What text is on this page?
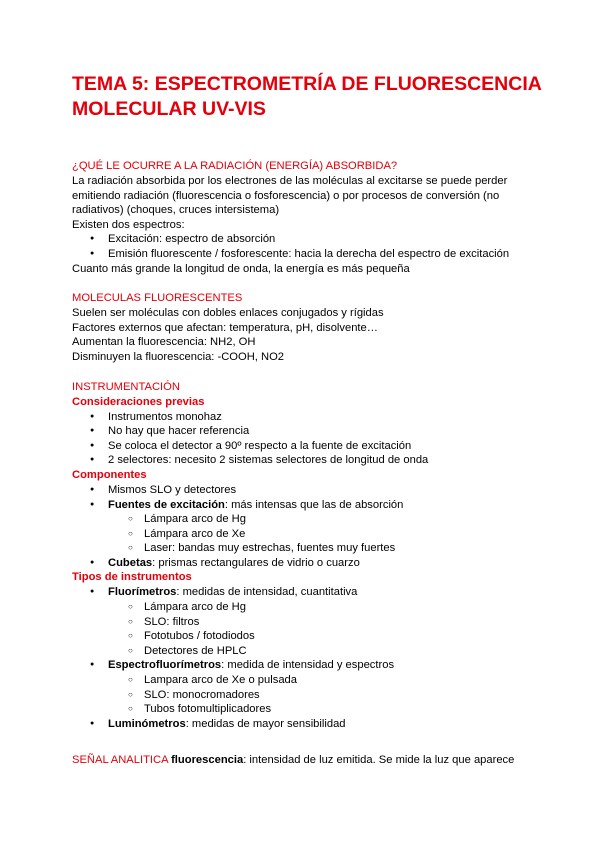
TEMA 5: ESPECTROMETRÍA DE FLUORESCENCIA MOLECULAR UV-VIS
¿QUÉ LE OCURRE A LA RADIACIÓN (ENERGÍA) ABSORBIDA?

La radiación absorbida por los electrones de las moléculas al excitarse se puede perder emitiendo radiación (fluorescencia o fosforescencia) o por procesos de conversión (no radiativos) (choques, cruces intersistema)

Existen dos espectros:

● Excitación: espectro de absorción
● Emisión fluorescente / fosforescente: hacia la derecha del espectro de excitación

Cuanto más grande la longitud de onda, la energía es más pequeña

MOLECULAS FLUORESCENTES

Suelen ser moléculas con dobles enlaces conjugados y rígidas

Factores externos que afectan: temperatura, pH, disolvente…

Aumentan la fluorescencia: NH2, OH

Disminuyen la fluorescencia: -COOH, NO2

INSTRUMENTACIÓN
Consideraciones previas
● Instrumentos monohaz
● No hay que hacer referencia
● Se coloca el detector a 90º respecto a la fuente de excitación
● 2 selectores: necesito 2 sistemas selectores de longitud de onda
Componentes
● Mismos SLO y detectores
● Fuentes de excitación: más intensas que las de absorción
○ Lámpara arco de Hg
○ Lámpara arco de Xe
○ Laser: bandas muy estrechas, fuentes muy fuertes
● Cubetas: prismas rectangulares de vidrio o cuarzo
Tipos de instrumentos
● Fluorímetros: medidas de intensidad, cuantitativa
○ Lámpara arco de Hg
○ SLO: filtros
○ Fototubos / fotodiodos
○ Detectores de HPLC
● Espectrofluorímetros: medida de intensidad y espectros
○ Lampara arco de Xe o pulsada
○ SLO: monocromadores
○ Tubos fotomultiplicadores
● Luminómetros: medidas de mayor sensibilidad

SEÑAL ANALITICA fluorescencia: intensidad de luz emitida. Se mide la luz que aparece
